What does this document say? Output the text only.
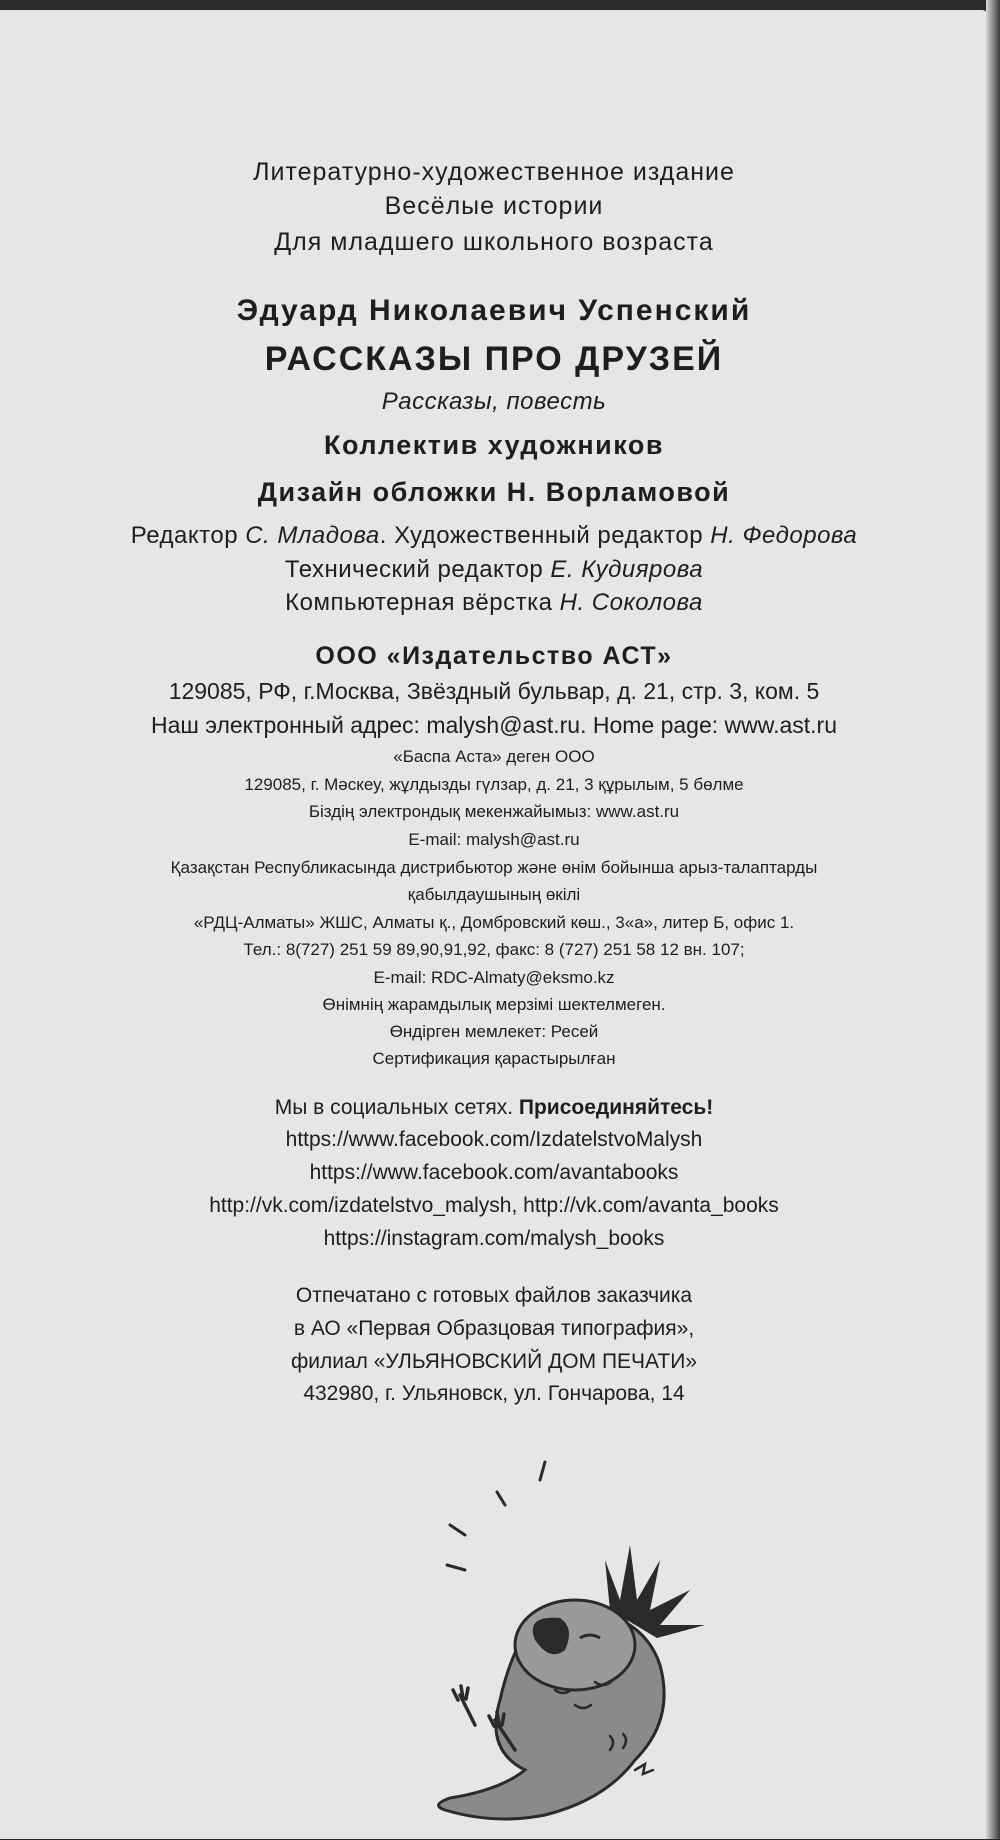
Литературно-художественное издание
Весёлые истории
Для младшего школьного возраста
Эдуард Николаевич Успенский
РАССКАЗЫ ПРО ДРУЗЕЙ
Рассказы, повесть
Коллектив художников
Дизайн обложки Н. Ворламовой
Редактор С. Младова. Художественный редактор Н. Федорова
Технический редактор Е. Кудиярова
Компьютерная вёрстка Н. Соколова
ООО «Издательство АСТ»
129085, РФ, г.Москва, Звёздный бульвар, д. 21, стр. 3, ком. 5
Наш электронный адрес: malysh@ast.ru. Home page: www.ast.ru
«Баспа Аста» деген ООО
129085, г. Мәскеу, жұлдызды гүлзар, д. 21, 3 құрылым, 5 бөлме
Біздің электрондық мекенжайымыз: www.ast.ru
E-mail: malysh@ast.ru
Қазақстан Республикасында дистрибьютор және өнім бойынша арыз-талаптарды
қабылдаушының өкілі
«РДЦ-Алматы» ЖШС, Алматы қ., Домбровский көш., 3«а», литер Б, офис 1.
Тел.: 8(727) 251 59 89,90,91,92, факс: 8 (727) 251 58 12 вн. 107;
E-mail: RDC-Almaty@eksmo.kz
Өнімнің жарамдылық мерзімі шектелмеген.
Өндірген мемлекет: Ресей
Сертификация қарастырылған
Мы в социальных сетях. Присоединяйтесь!
https://www.facebook.com/IzdatelstvoMalysh
https://www.facebook.com/avantabooks
http://vk.com/izdatelstvo_malysh, http://vk.com/avanta_books
https://instagram.com/malysh_books
Отпечатано с готовых файлов заказчика
в АО «Первая Образцовая типография»,
филиал «УЛЬЯНОВСКИЙ ДОМ ПЕЧАТИ»
432980, г. Ульяновск, ул. Гончарова, 14
